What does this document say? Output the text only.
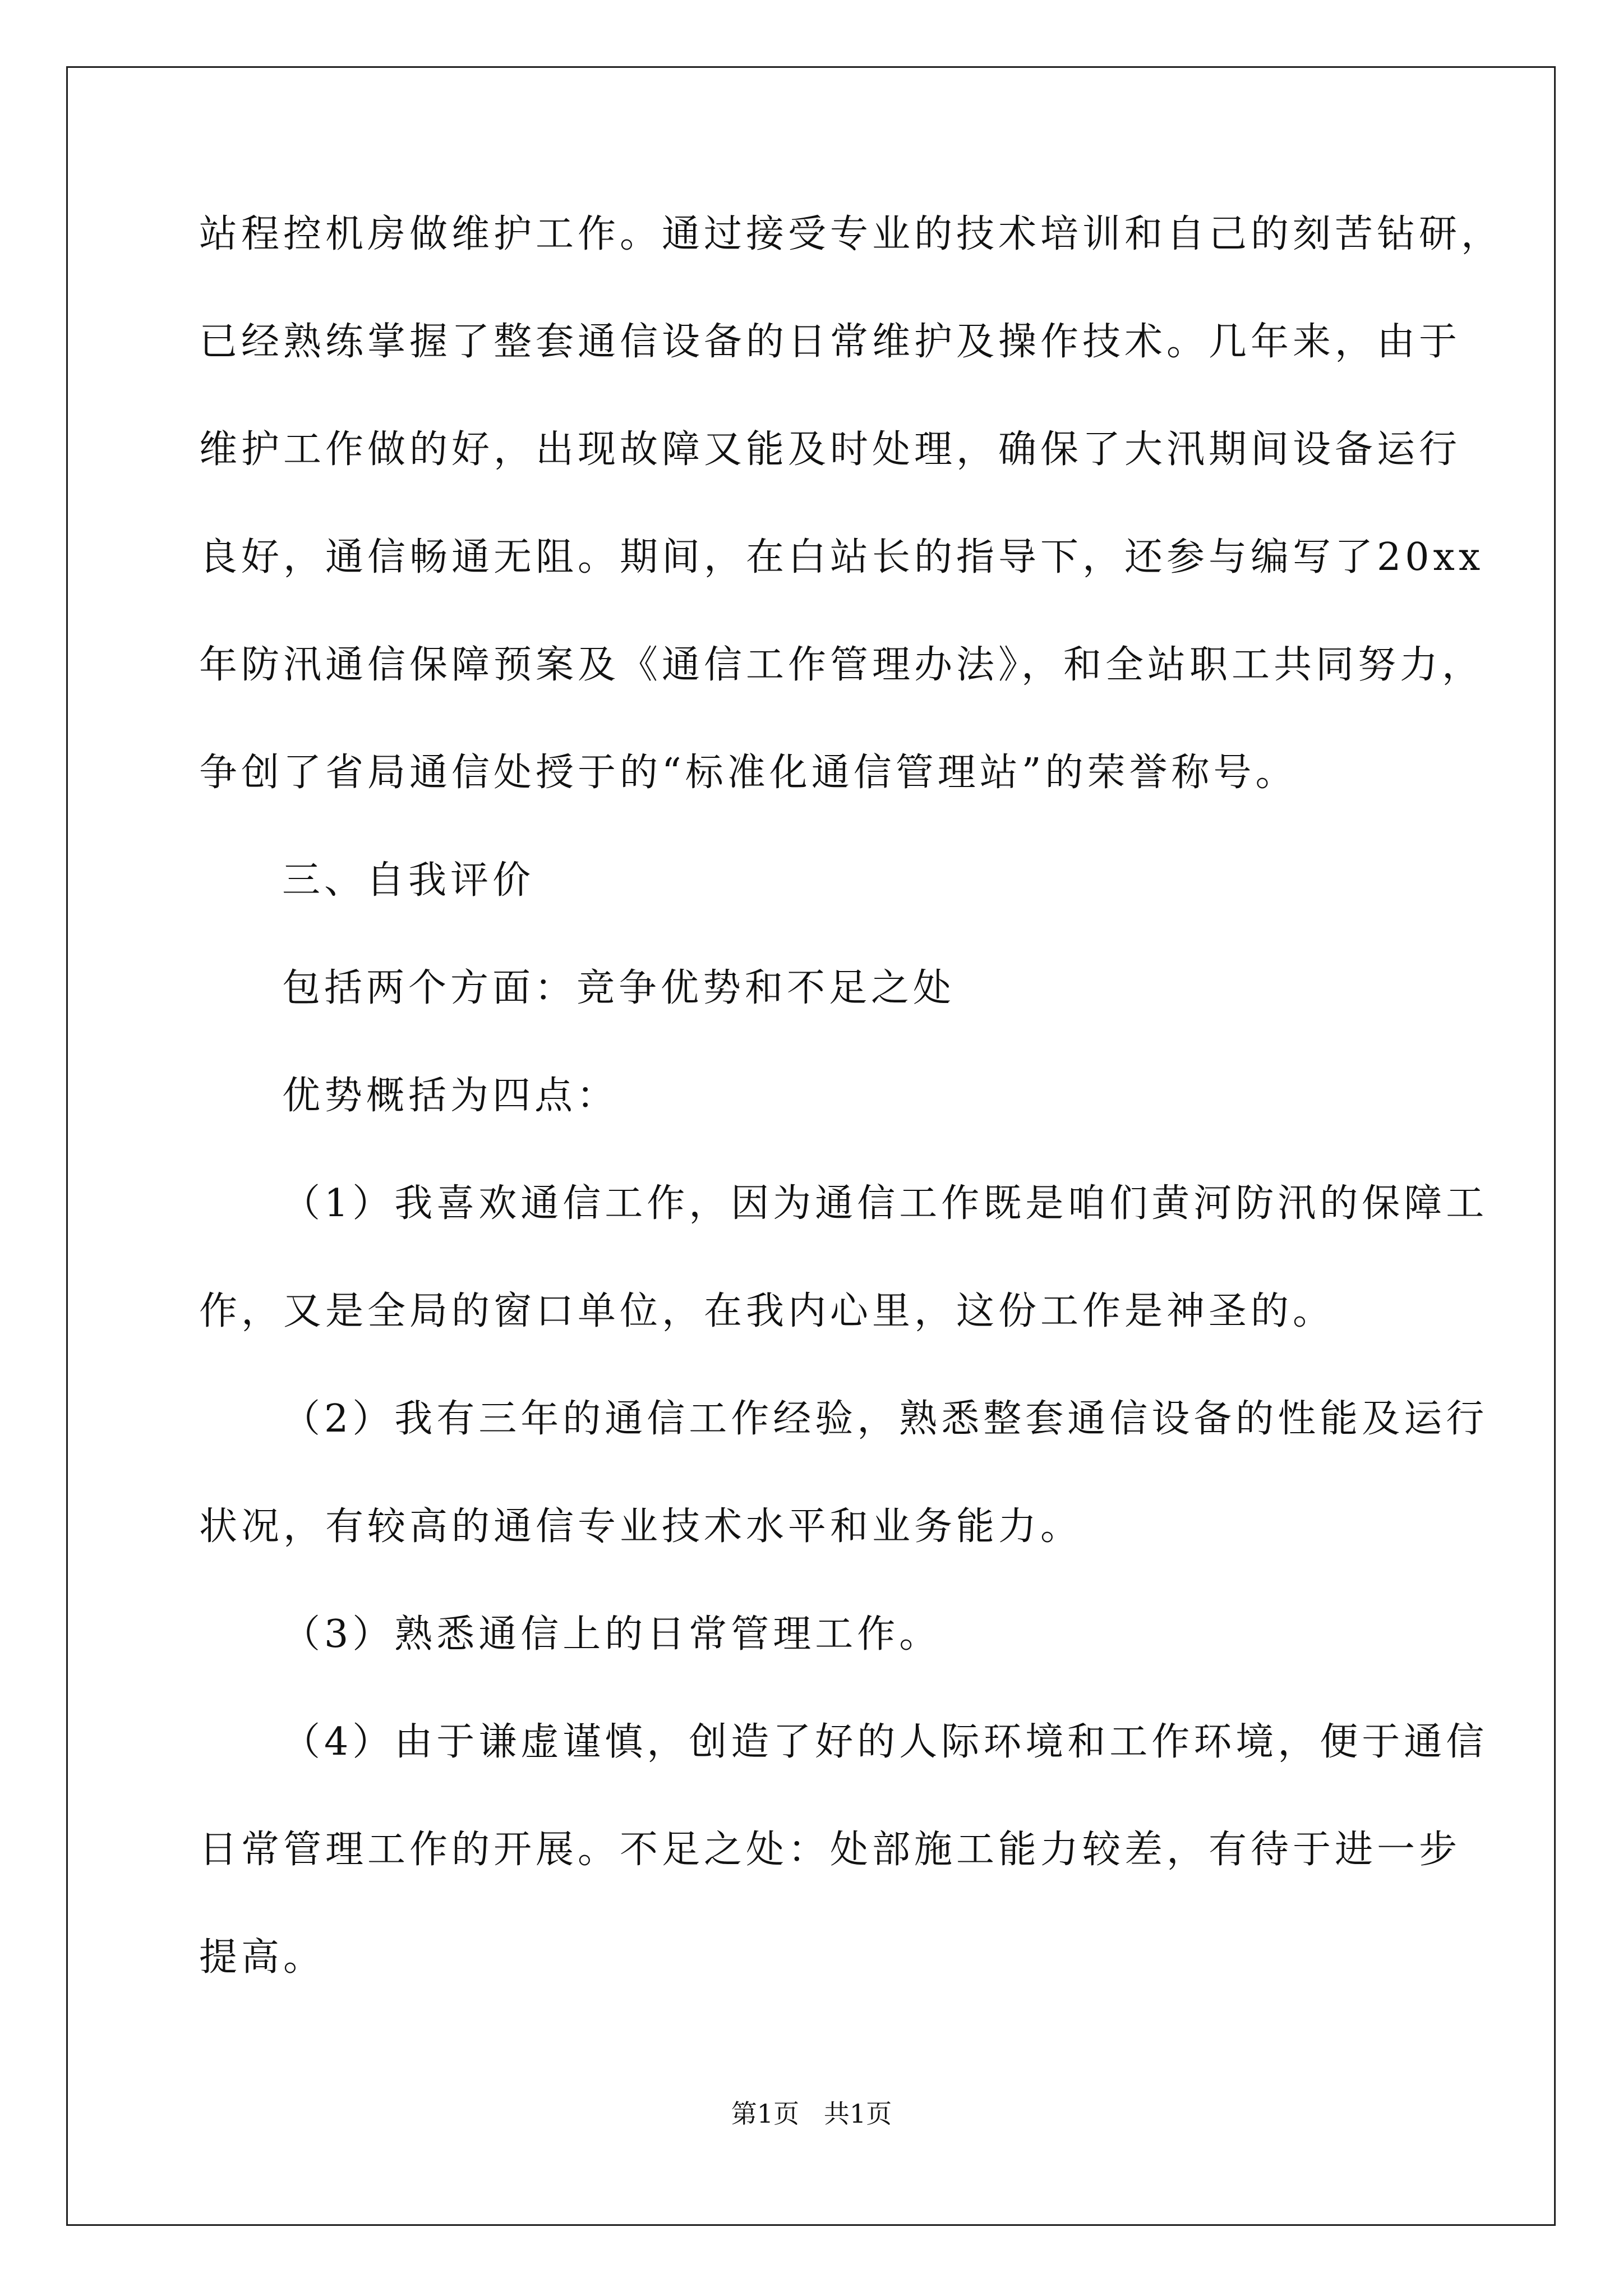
站程控机房做维护工作。通过接受专业的技术培训和自己的刻苦钻研，
已经熟练掌握了整套通信设备的日常维护及操作技术。几年来，由于
维护工作做的好，出现故障又能及时处理，确保了大汛期间设备运行
良好，通信畅通无阻。期间，在白站长的指导下，还参与编写了20xx
年防汛通信保障预案及《通信工作管理办法》，和全站职工共同努力，
争创了省局通信处授于的“标准化通信管理站”的荣誉称号。
三、自我评价
包括两个方面：竞争优势和不足之处
优势概括为四点：
（1）我喜欢通信工作，因为通信工作既是咱们黄河防汛的保障工
作，又是全局的窗口单位，在我内心里，这份工作是神圣的。
（2）我有三年的通信工作经验，熟悉整套通信设备的性能及运行
状况，有较高的通信专业技术水平和业务能力。
（3）熟悉通信上的日常管理工作。
（4）由于谦虚谨慎，创造了好的人际环境和工作环境，便于通信
日常管理工作的开展。不足之处：处部施工能力较差，有待于进一步
提高。
第1页   共1页
